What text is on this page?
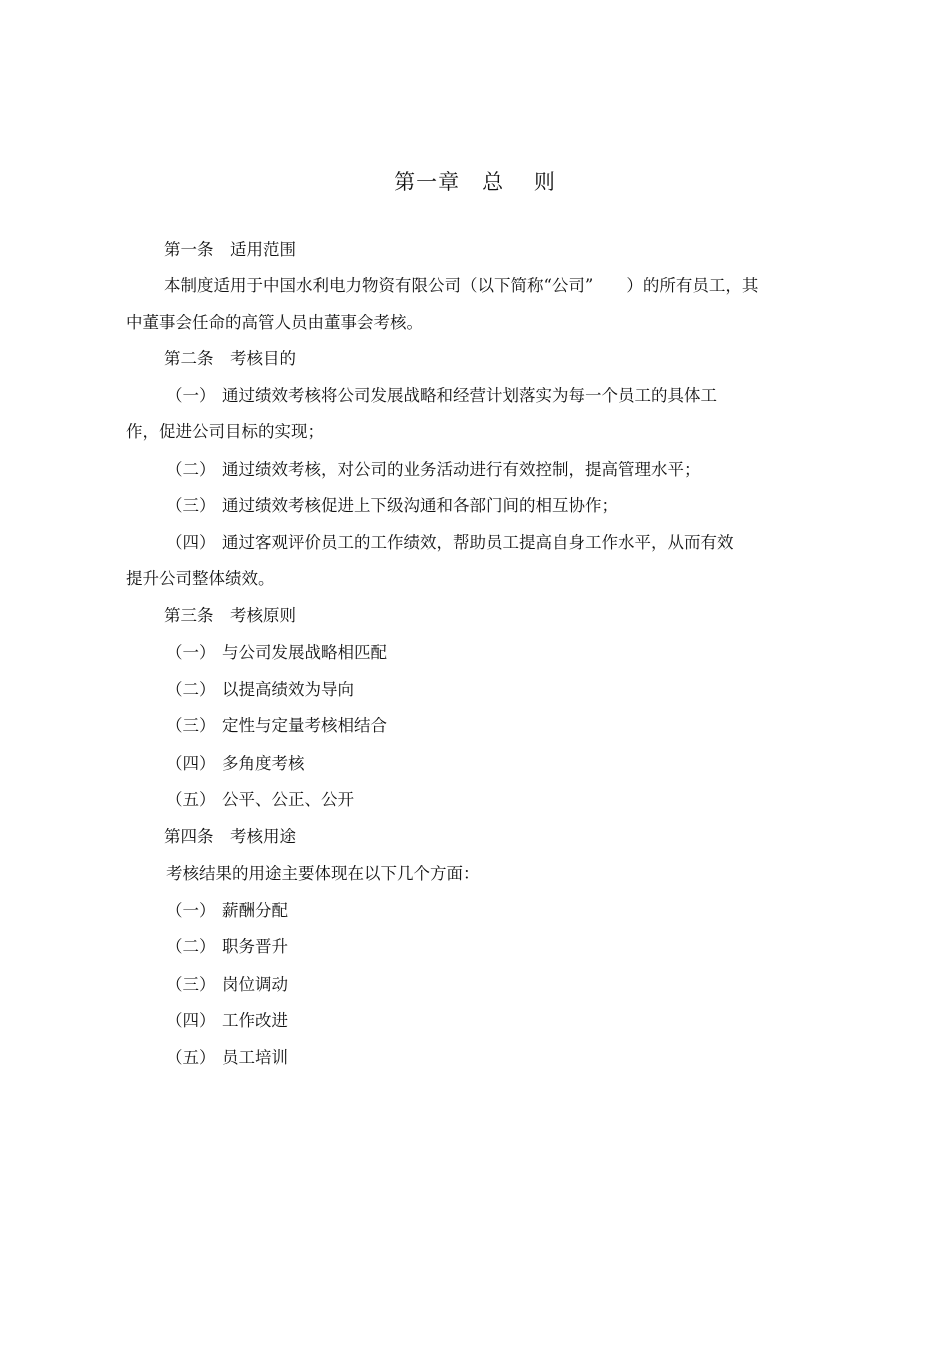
第一章　总　 则
第一条　适用范围
本制度适用于中国水利电力物资有限公司（以下简称“公司”　　）的所有员工，其
中董事会任命的高管人员由董事会考核。
第二条　考核目的
（一） 通过绩效考核将公司发展战略和经营计划落实为每一个员工的具体工
作，促进公司目标的实现；
（二） 通过绩效考核，对公司的业务活动进行有效控制，提高管理水平；
（三） 通过绩效考核促进上下级沟通和各部门间的相互协作；
（四） 通过客观评价员工的工作绩效，帮助员工提高自身工作水平，从而有效
提升公司整体绩效。
第三条　考核原则
（一） 与公司发展战略相匹配
（二） 以提高绩效为导向
（三） 定性与定量考核相结合
（四） 多角度考核
（五） 公平、公正、公开
第四条　考核用途
考核结果的用途主要体现在以下几个方面：
（一） 薪酬分配
（二） 职务晋升
（三） 岗位调动
（四） 工作改进
（五） 员工培训
